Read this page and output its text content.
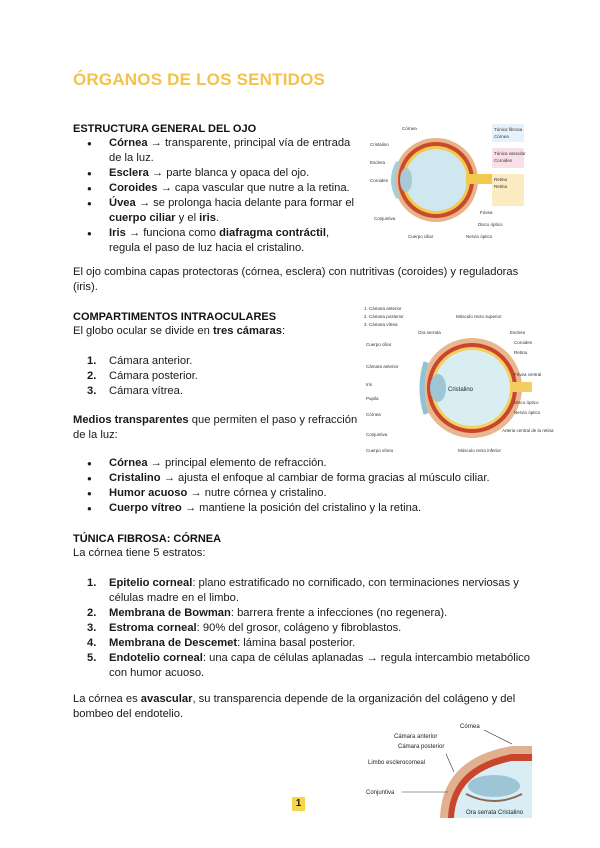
ÓRGANOS DE LOS SENTIDOS
ESTRUCTURA GENERAL DEL OJO
● Córnea → transparente, principal vía de entrada
de la luz.
● Esclera → parte blanca y opaca del ojo.
● Coroides → capa vascular que nutre a la retina.
● Úvea → se prolonga hacia delante para formar el
cuerpo ciliar y el iris.
● Iris → funciona como diafragma contráctil,
regula el paso de luz hacia el cristalino.
El ojo combina capas protectoras (córnea, esclera) con nutritivas (coroides) y reguladoras (iris).
Córnea
Cristalino
Esclera
Coroides
Conjuntiva
Cuerpo ciliar	Nervio óptico
Disco óptico
Fóvea
Túnica fibrosa
Córnea
Túnica vascular
Coroides
Retina
Retina
COMPARTIMENTOS INTRAOCULARES
El globo ocular se divide en tres cámaras:
1. Cámara anterior.
2. Cámara posterior.
3. Cámara vítrea.
Medios transparentes que permiten el paso y refracción de la luz:
● Córnea → principal elemento de refracción.
● Cristalino → ajusta el enfoque al cambiar de forma gracias al músculo ciliar.
● Humor acuoso → nutre córnea y cristalino.
● Cuerpo vítreo → mantiene la posición del cristalino y la retina.
1. Cámara anterior
2. Cámara posterior
3. Cámara vítrea
Ora serrata
Cuerpo ciliar
Cámara anterior
Iris
Pupila
Córnea
Conjuntiva
Cuerpo vítreo
Cristalino
Músculo recto superior
Esclera
Coroides
Retina
Fóvea central
Disco óptico
Nervio óptico
Arteria central de la retina
Músculo recto inferior
TÚNICA FIBROSA: CÓRNEA
La córnea tiene 5 estratos:
1. Epitelio corneal: plano estratificado no cornificado, con terminaciones nerviosas y
células madre en el limbo.
2. Membrana de Bowman: barrera frente a infecciones (no regenera).
3. Estroma corneal: 90% del grosor, colágeno y fibroblastos.
4. Membrana de Descemet: lámina basal posterior.
5. Endotelio corneal: una capa de células aplanadas → regula intercambio metabólico
con humor acuoso.
La córnea es avascular, su transparencia depende de la organización del colágeno y del bombeo del endotelio.
Córnea
Cámara anterior
Cámara posterior
Limbo esclerocorneal
Conjuntiva
Ora serrata Cristalino
1
